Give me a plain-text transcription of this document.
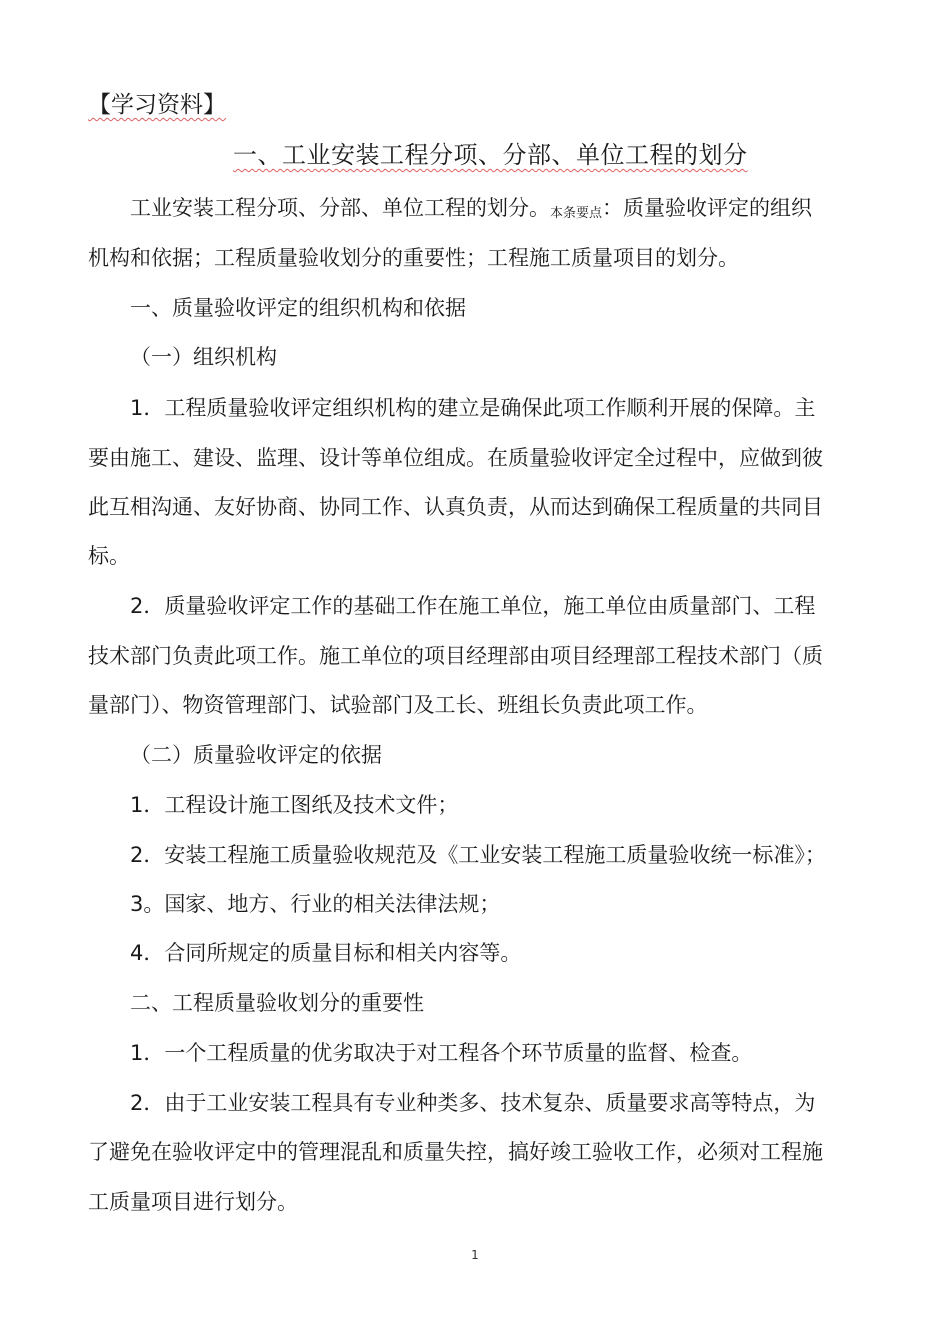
【学习资料】
一、工业安装工程分项、分部、单位工程的划分
工业安装工程分项、分部、单位工程的划分。本条要点：质量验收评定的组织
机构和依据；工程质量验收划分的重要性；工程施工质量项目的划分。
一、质量验收评定的组织机构和依据
（一）组织机构
1．工程质量验收评定组织机构的建立是确保此项工作顺利开展的保障。主
要由施工、建设、监理、设计等单位组成。在质量验收评定全过程中，应做到彼
此互相沟通、友好协商、协同工作、认真负责，从而达到确保工程质量的共同目
标。
2．质量验收评定工作的基础工作在施工单位，施工单位由质量部门、工程
技术部门负责此项工作。施工单位的项目经理部由项目经理部工程技术部门（质
量部门）、物资管理部门、试验部门及工长、班组长负责此项工作。
（二）质量验收评定的依据
1．工程设计施工图纸及技术文件；
2．安装工程施工质量验收规范及《工业安装工程施工质量验收统一标准》；
3。国家、地方、行业的相关法律法规；
4．合同所规定的质量目标和相关内容等。
二、工程质量验收划分的重要性
1．一个工程质量的优劣取决于对工程各个环节质量的监督、检查。
2．由于工业安装工程具有专业种类多、技术复杂、质量要求高等特点，为
了避免在验收评定中的管理混乱和质量失控，搞好竣工验收工作，必须对工程施
工质量项目进行划分。
1
